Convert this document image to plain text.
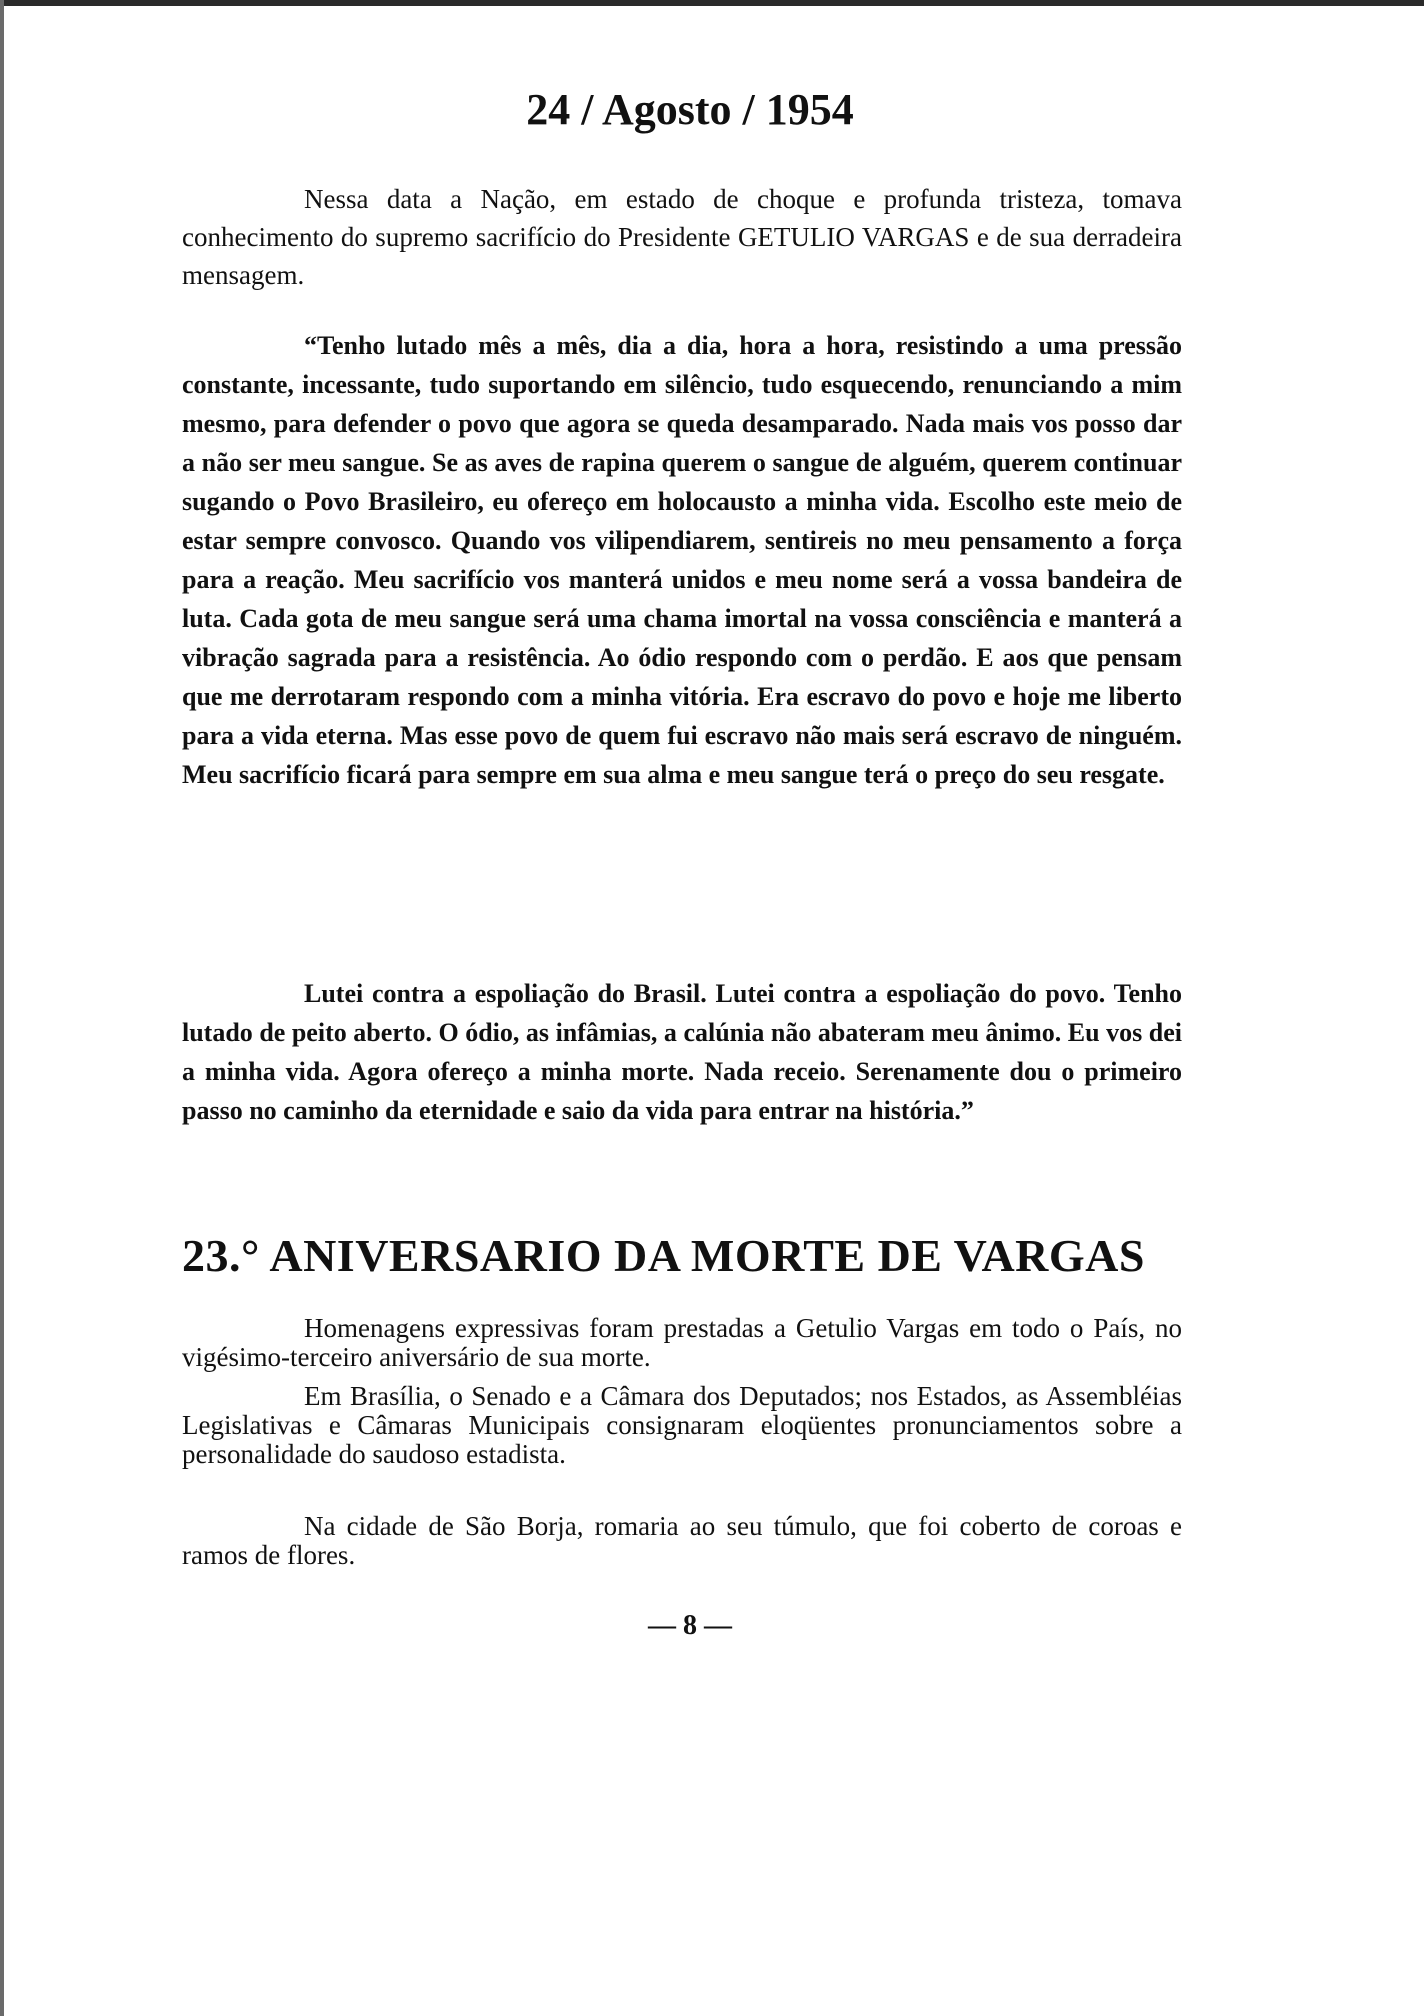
24 / Agosto / 1954

Nessa data a Nação, em estado de choque e profunda tristeza, tomava conhecimento do supremo sacrifício do Presidente GETULIO VARGAS e de sua derradeira mensagem.

“Tenho lutado mês a mês, dia a dia, hora a hora, resistindo a uma pressão constante, incessante, tudo suportando em silêncio, tudo esquecendo, renunciando a mim mesmo, para defender o povo que agora se queda desamparado. Nada mais vos posso dar a não ser meu sangue. Se as aves de rapina querem o sangue de alguém, querem continuar sugando o Povo Brasileiro, eu ofereço em holocausto a minha vida. Escolho este meio de estar sempre convosco. Quando vos vilipendiarem, sentireis no meu pensamento a força para a reação. Meu sacrifício vos manterá unidos e meu nome será a vossa bandeira de luta. Cada gota de meu sangue será uma chama imortal na vossa consciência e manterá a vibração sagrada para a resistência. Ao ódio respondo com o perdão. E aos que pensam que me derrotaram respondo com a minha vitória. Era escravo do povo e hoje me liberto para a vida eterna. Mas esse povo de quem fui escravo não mais será escravo de ninguém. Meu sacrifício ficará para sempre em sua alma e meu sangue terá o preço do seu resgate.

Lutei contra a espoliação do Brasil. Lutei contra a espoliação do povo. Tenho lutado de peito aberto. O ódio, as infâmias, a calúnia não abateram meu ânimo. Eu vos dei a minha vida. Agora ofereço a minha morte. Nada receio. Serenamente dou o primeiro passo no caminho da eternidade e saio da vida para entrar na história.”

23.° ANIVERSARIO DA MORTE DE VARGAS

Homenagens expressivas foram prestadas a Getulio Vargas em todo o País, no vigésimo-terceiro aniversário de sua morte.

Em Brasília, o Senado e a Câmara dos Deputados; nos Estados, as Assembléias Legislativas e Câmaras Municipais consignaram eloqüentes pronunciamentos sobre a personalidade do saudoso estadista.

Na cidade de São Borja, romaria ao seu túmulo, que foi coberto de coroas e ramos de flores.

— 8 —
